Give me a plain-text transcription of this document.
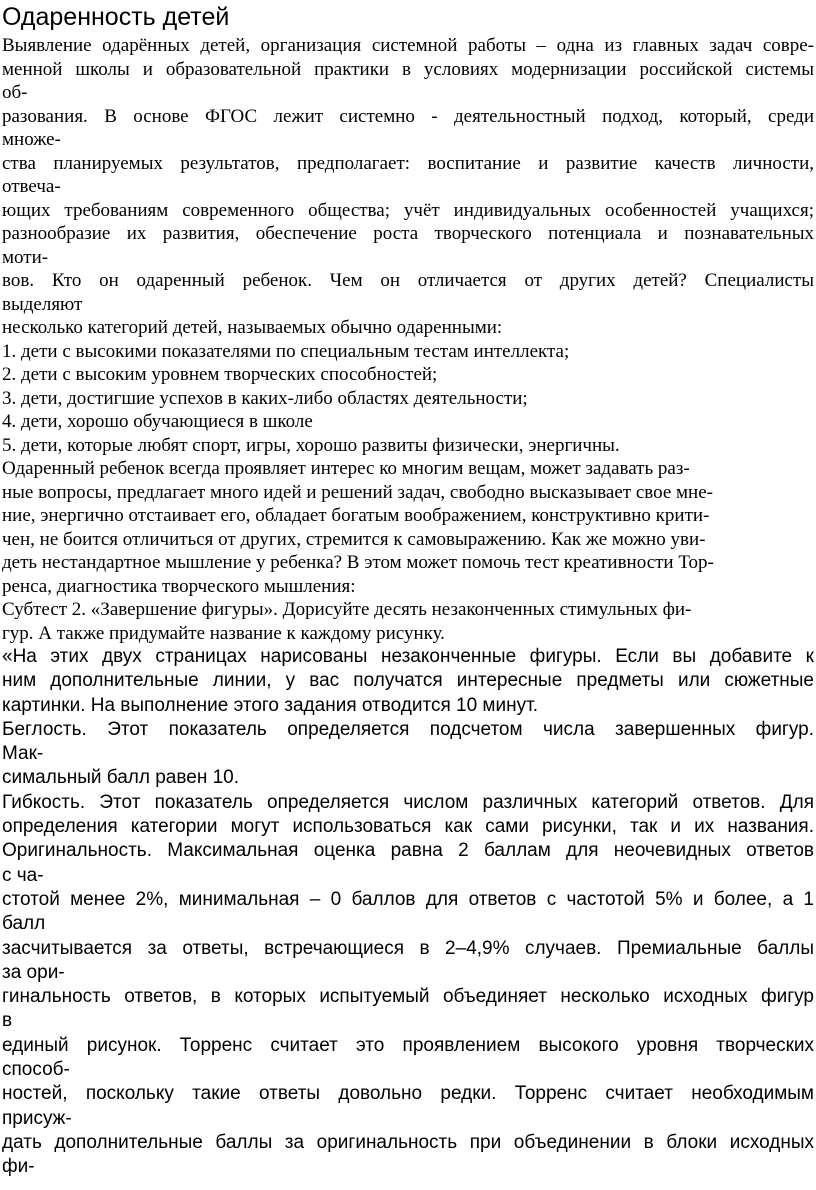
Одаренность детей
Выявление одарённых детей, организация системной работы – одна из главных задач совре-
менной школы и образовательной практики в условиях модернизации российской системы
об-
разования. В основе ФГОС лежит системно - деятельностный подход, который, среди
множе-
ства планируемых результатов, предполагает: воспитание и развитие качеств личности,
отвеча-
ющих требованиям современного общества; учёт индивидуальных особенностей учащихся;
разнообразие их развития, обеспечение роста творческого потенциала и познавательных
моти-
вов. Кто он одаренный ребенок. Чем он отличается от других детей? Специалисты
выделяют
несколько категорий детей, называемых обычно одаренными:
1. дети с высокими показателями по специальным тестам интеллекта;
2. дети с высоким уровнем творческих способностей;
3. дети, достигшие успехов в каких-либо областях деятельности;
4. дети, хорошо обучающиеся в школе
5. дети, которые любят спорт, игры, хорошо развиты физически, энергичны.
Одаренный ребенок всегда проявляет интерес ко многим вещам, может задавать раз-
ные вопросы, предлагает много идей и решений задач, свободно высказывает свое мне-
ние, энергично отстаивает его, обладает богатым воображением, конструктивно крити-
чен, не боится отличиться от других, стремится к самовыражению. Как же можно уви-
деть нестандартное мышление у ребенка? В этом может помочь тест креативности Тор-
ренса, диагностика творческого мышления:
Субтест 2. «Завершение фигуры». Дорисуйте десять незаконченных стимульных фи-
гур. А также придумайте название к каждому рисунку.
«На этих двух страницах нарисованы незаконченные фигуры. Если вы добавите к
ним дополнительные линии, у вас получатся интересные предметы или сюжетные
картинки. На выполнение этого задания отводится 10 минут.
Беглость. Этот показатель определяется подсчетом числа завершенных фигур.
Мак-
симальный балл равен 10.
Гибкость. Этот показатель определяется числом различных категорий ответов. Для
определения категории могут использоваться как сами рисунки, так и их названия.
Оригинальность. Максимальная оценка равна 2 баллам для неочевидных ответов
с ча-
стотой менее 2%, минимальная – 0 баллов для ответов с частотой 5% и более, а 1
балл
засчитывается за ответы, встречающиеся в 2–4,9% случаев. Премиальные баллы
за ори-
гинальность ответов, в которых испытуемый объединяет несколько исходных фигур
в
единый рисунок. Торренс считает это проявлением высокого уровня творческих
способ-
ностей, поскольку такие ответы довольно редки. Торренс считает необходимым
присуж-
дать дополнительные баллы за оригинальность при объединении в блоки исходных
фи-
